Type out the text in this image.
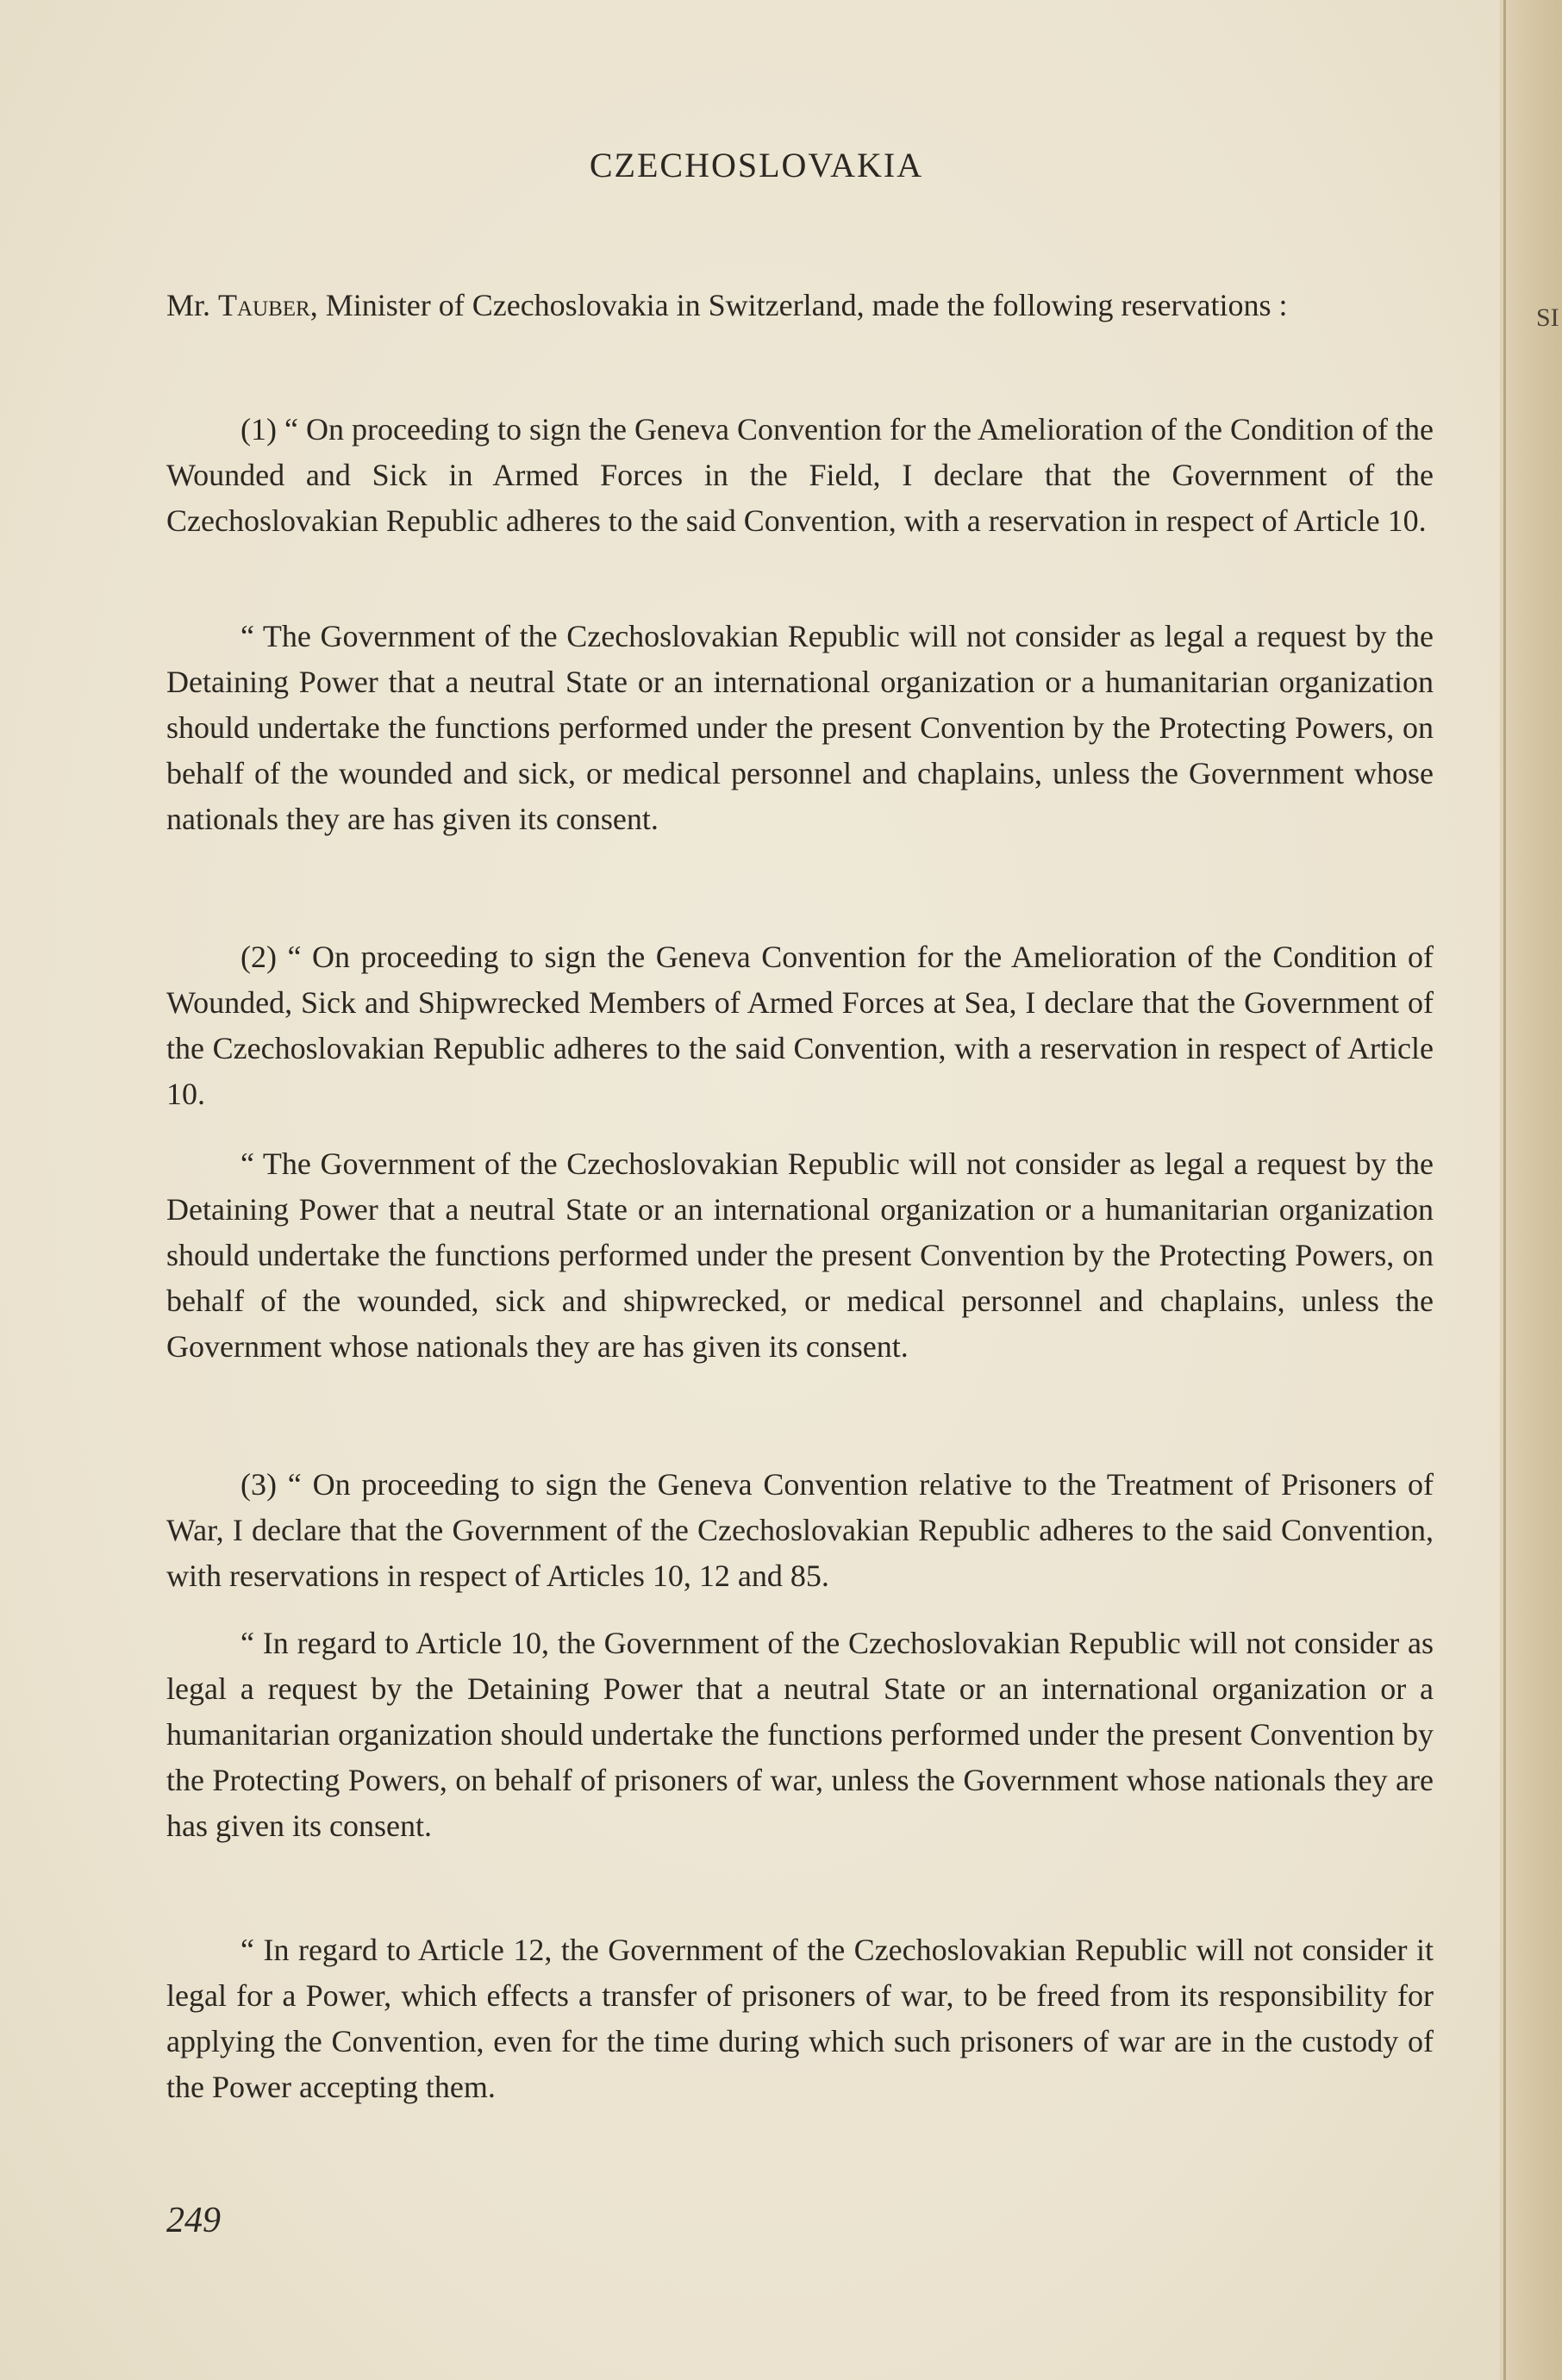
SI
CZECHOSLOVAKIA

Mr. Tauber, Minister of Czechoslovakia in Switzerland, made the following reservations :

(1) “ On proceeding to sign the Geneva Convention for the Amelioration of the Condition of the Wounded and Sick in Armed Forces in the Field, I declare that the Government of the Czechoslovakian Republic adheres to the said Convention, with a reservation in respect of Article 10.

“ The Government of the Czechoslovakian Republic will not consider as legal a request by the Detaining Power that a neutral State or an international organization or a humanitarian organization should undertake the functions performed under the present Convention by the Protecting Powers, on behalf of the wounded and sick, or medical personnel and chaplains, unless the Government whose nationals they are has given its consent.

(2) “ On proceeding to sign the Geneva Convention for the Amelioration of the Condition of Wounded, Sick and Shipwrecked Members of Armed Forces at Sea, I declare that the Government of the Czechoslovakian Republic adheres to the said Convention, with a reservation in respect of Article 10.

“ The Government of the Czechoslovakian Republic will not consider as legal a request by the Detaining Power that a neutral State or an international organization or a humanitarian organization should undertake the functions performed under the present Convention by the Protecting Powers, on behalf of the wounded, sick and shipwrecked, or medical personnel and chaplains, unless the Government whose nationals they are has given its consent.

(3) “ On proceeding to sign the Geneva Convention relative to the Treatment of Prisoners of War, I declare that the Government of the Czechoslovakian Republic adheres to the said Convention, with reservations in respect of Articles 10, 12 and 85.

“ In regard to Article 10, the Government of the Czechoslovakian Republic will not consider as legal a request by the Detaining Power that a neutral State or an international organization or a humanitarian organization should undertake the functions performed under the present Convention by the Protecting Powers, on behalf of prisoners of war, unless the Government whose nationals they are has given its consent.

“ In regard to Article 12, the Government of the Czechoslovakian Republic will not consider it legal for a Power, which effects a transfer of prisoners of war, to be freed from its responsibility for applying the Convention, even for the time during which such prisoners of war are in the custody of the Power accepting them.

249
